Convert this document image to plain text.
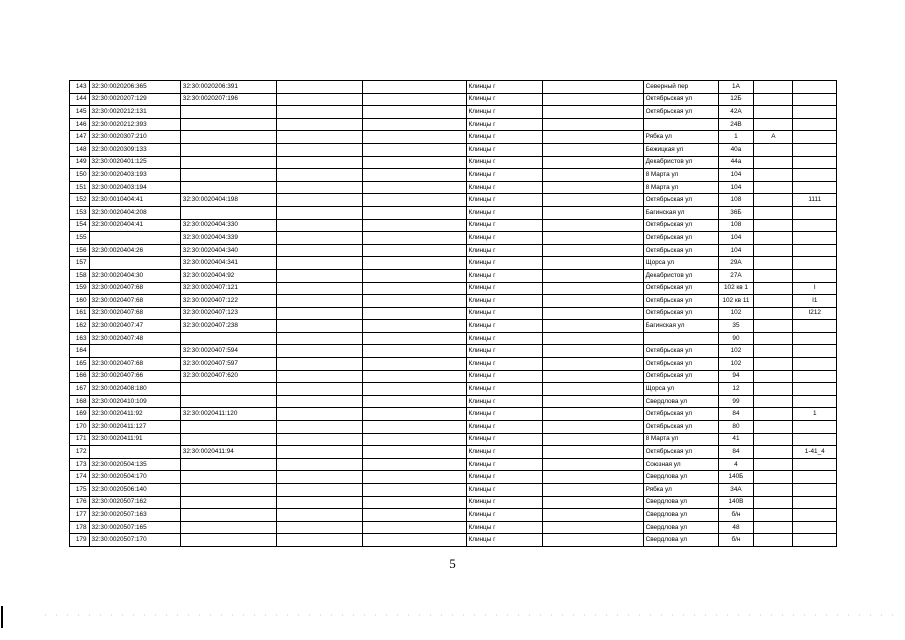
143	32:30:0020206:365	32:30:0020206:391			Клинцы г		Северный пер	1А		
144	32:30:0020207:129	32:30:0020207:196			Клинцы г		Октябрьская ул	12Б		
145	32:30:0020212:131				Клинцы г		Октябрьская ул	42А		
146	32:30:0020212:393				Клинцы г			24В		
147	32:30:0020307:210				Клинцы г		Рябка ул	1	А	
148	32:30:0020309:133				Клинцы г		Бежицкая ул	40а		
149	32:30:0020401:125				Клинцы г		Декабристов ул	44а		
150	32:30:0020403:193				Клинцы г		8 Марта ул	104		
151	32:30:0020403:194				Клинцы г		8 Марта ул	104		
152	32:30:0010404:41	32:30:0020404:198			Клинцы г		Октябрьская ул	108		1111
153	32:30:0020404:208				Клинцы г		Багинская ул	36Б		
154	32:30:0020404:41	32:30:0020404:330			Клинцы г		Октябрьская ул	108		
155		32:30:0020404:339			Клинцы г		Октябрьская ул	104		
156	32:30:0020404:26	32:30:0020404:340			Клинцы г		Октябрьская ул	104		
157		32:30:0020404:341			Клинцы г		Щорса ул	29А		
158	32:30:0020404:30	32:30:0020404:92			Клинцы г		Декабристов ул	27А		
159	32:30:0020407:68	32:30:0020407:121			Клинцы г		Октябрьская ул	102 кв 1		I
160	32:30:0020407:68	32:30:0020407:122			Клинцы г		Октябрьская ул	102 кв 11		I1
161	32:30:0020407:68	32:30:0020407:123			Клинцы г		Октябрьская ул	102		I212
162	32:30:0020407:47	32:30:0020407:238			Клинцы г		Багинская ул	35		
163	32:30:0020407:48				Клинцы г			90		
164		32:30:0020407:594			Клинцы г		Октябрьская ул	102		
165	32:30:0020407:68	32:30:0020407:597			Клинцы г		Октябрьская ул	102		
166	32:30:0020407:66	32:30:0020407:620			Клинцы г		Октябрьская ул	94		
167	32:30:0020408:180				Клинцы г		Щорса ул	12		
168	32:30:0020410:109				Клинцы г		Свердлова ул	99		
169	32:30:0020411:92	32:30:0020411:120			Клинцы г		Октябрьская ул	84		1
170	32:30:0020411:127				Клинцы г		Октябрьская ул	80		
171	32:30:0020411:91				Клинцы г		8 Марта ул	41		
172		32:30:0020411:94			Клинцы г		Октябрьская ул	84		1-41_4
173	32:30:0020504:135				Клинцы г		Союзная ул	4		
174	32:30:0020504:170				Клинцы г		Свердлова ул	140Б		
175	32:30:0020506:140				Клинцы г		Рябка ул	34А		
176	32:30:0020507:162				Клинцы г		Свердлова ул	140В		
177	32:30:0020507:163				Клинцы г		Свердлова ул	б/н		
178	32:30:0020507:165				Клинцы г		Свердлова ул	48		
179	32:30:0020507:170				Клинцы г		Свердлова ул	б/н		
5
